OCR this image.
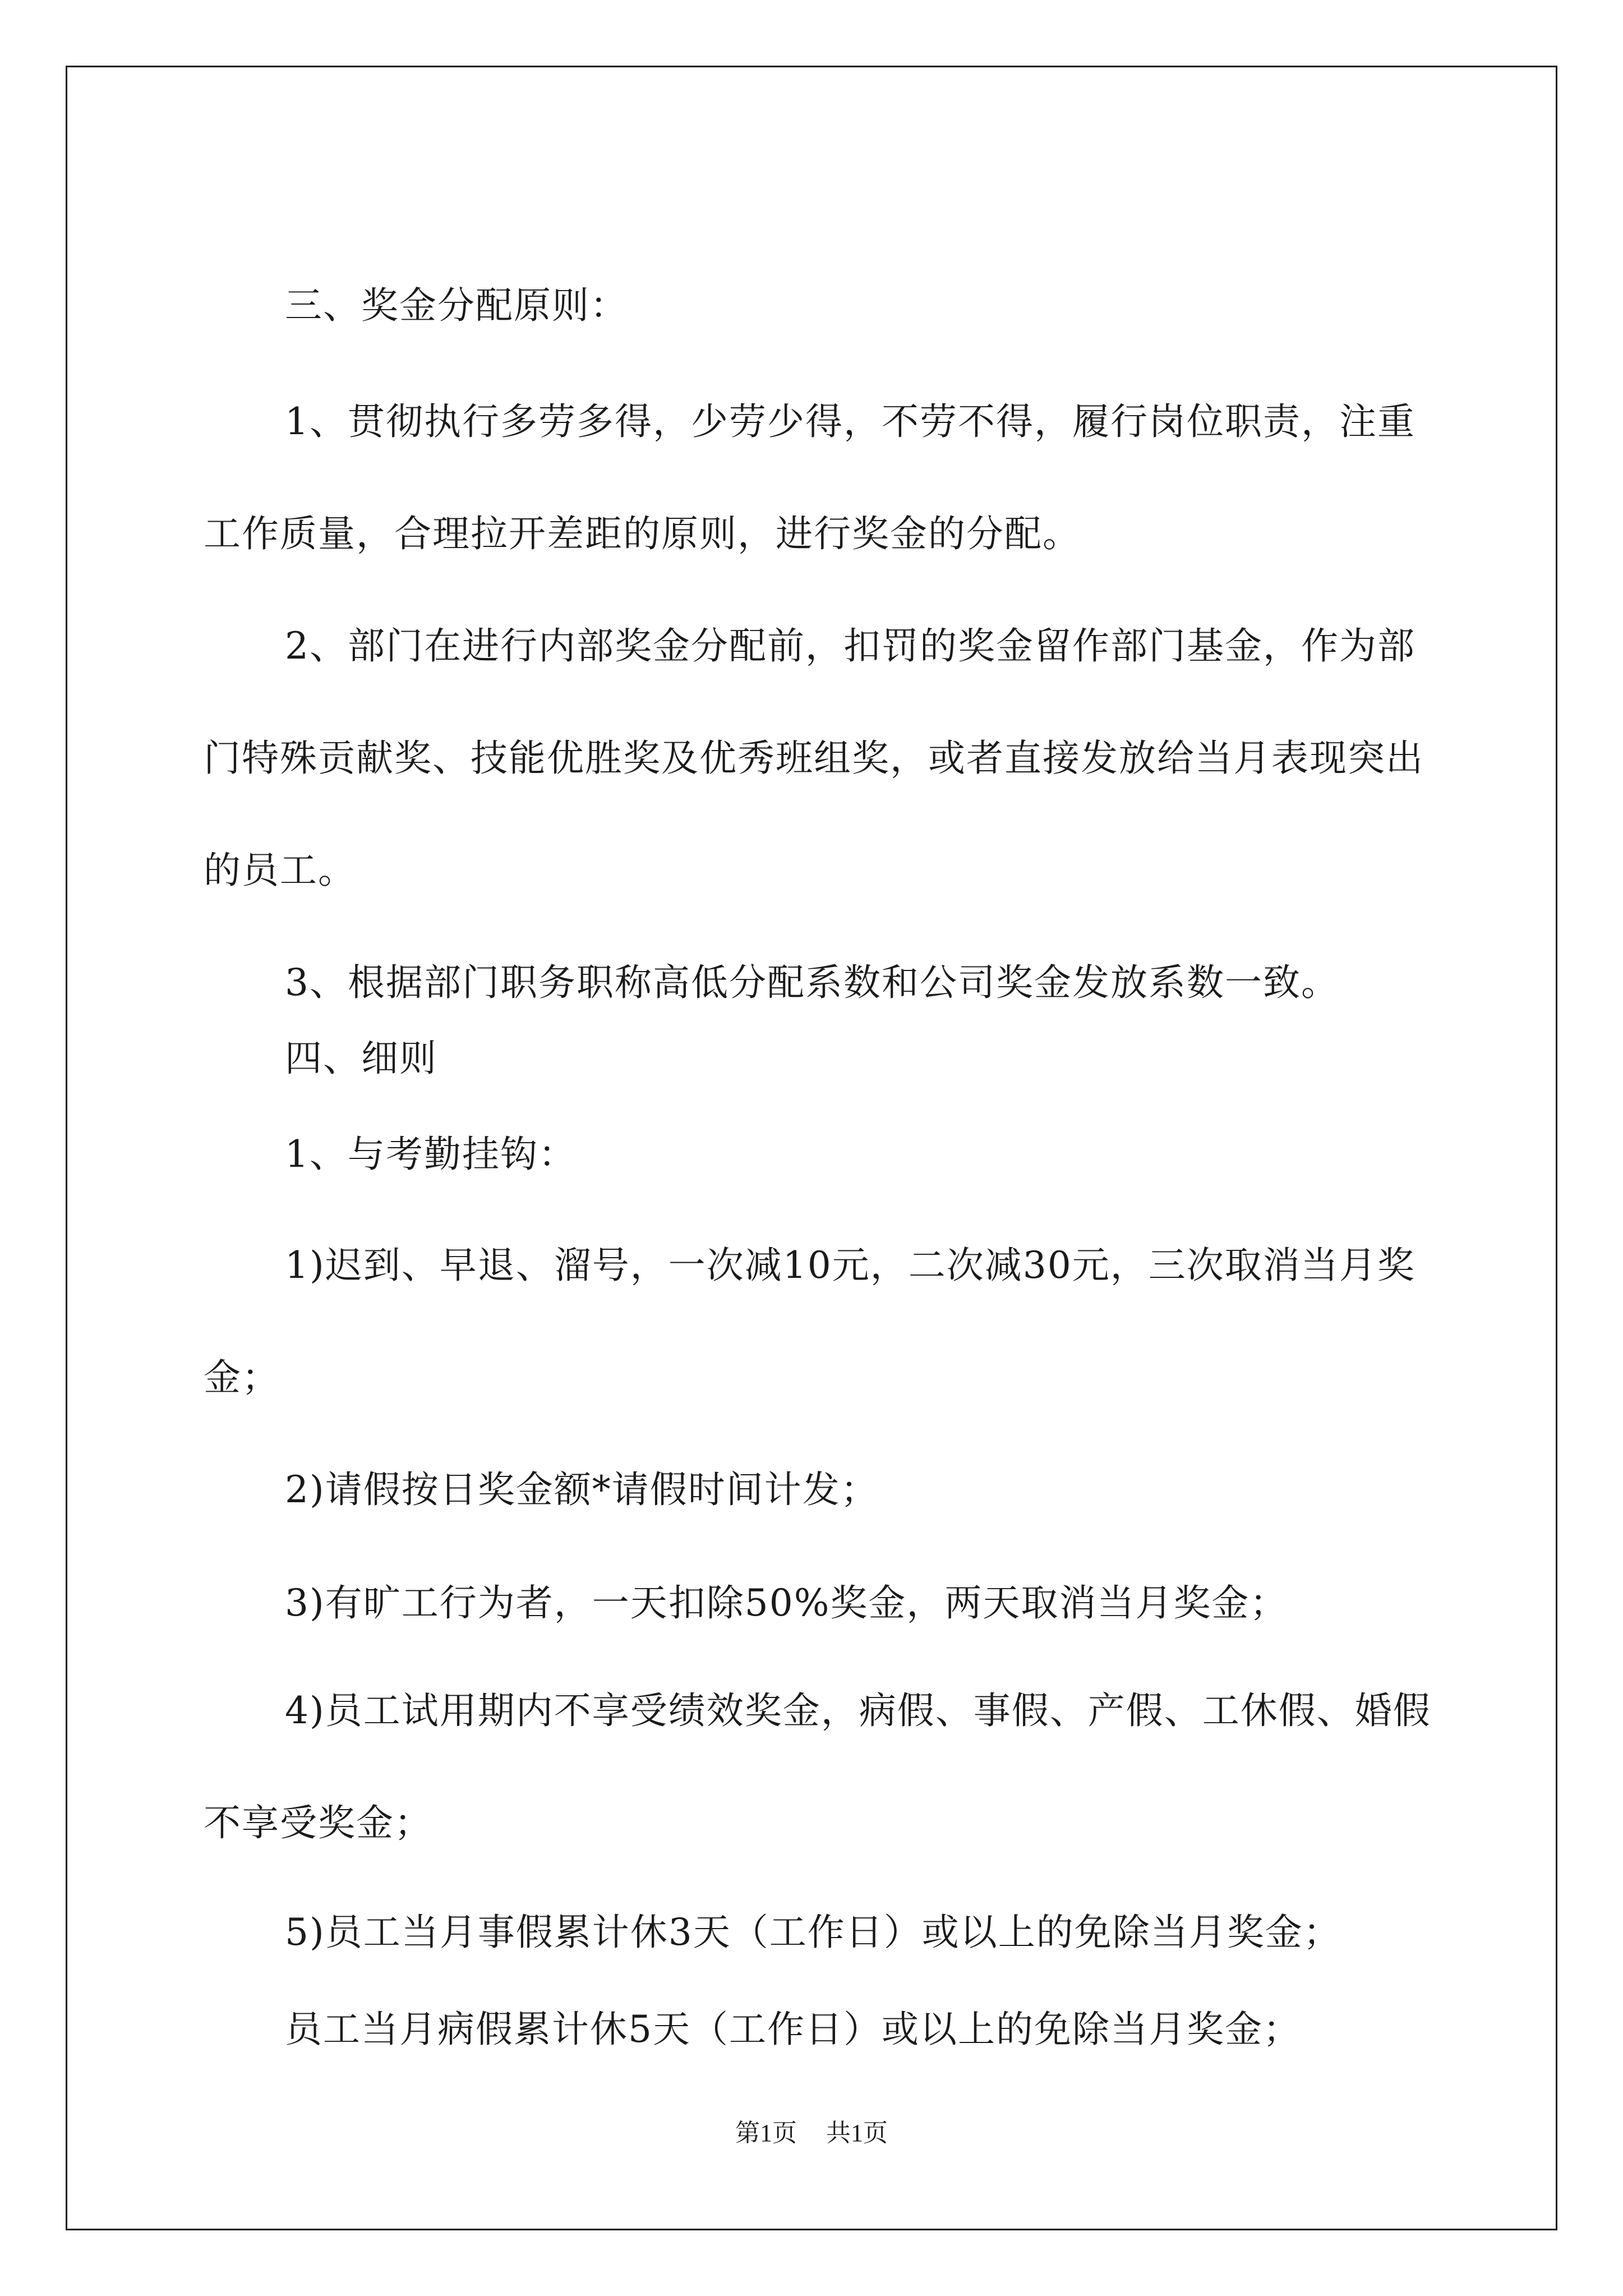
三、奖金分配原则：

1、贯彻执行多劳多得，少劳少得，不劳不得，履行岗位职责，注重工作质量，合理拉开差距的原则，进行奖金的分配。

2、部门在进行内部奖金分配前，扣罚的奖金留作部门基金，作为部门特殊贡献奖、技能优胜奖及优秀班组奖，或者直接发放给当月表现突出的员工。

3、根据部门职务职称高低分配系数和公司奖金发放系数一致。

四、细则

1、与考勤挂钩：

1)迟到、早退、溜号，一次减10元，二次减30元，三次取消当月奖金；

2)请假按日奖金额*请假时间计发；

3)有旷工行为者，一天扣除50%奖金，两天取消当月奖金；

4)员工试用期内不享受绩效奖金，病假、事假、产假、工休假、婚假不享受奖金；

5)员工当月事假累计休3天（工作日）或以上的免除当月奖金；

员工当月病假累计休5天（工作日）或以上的免除当月奖金；

第1页 共1页
